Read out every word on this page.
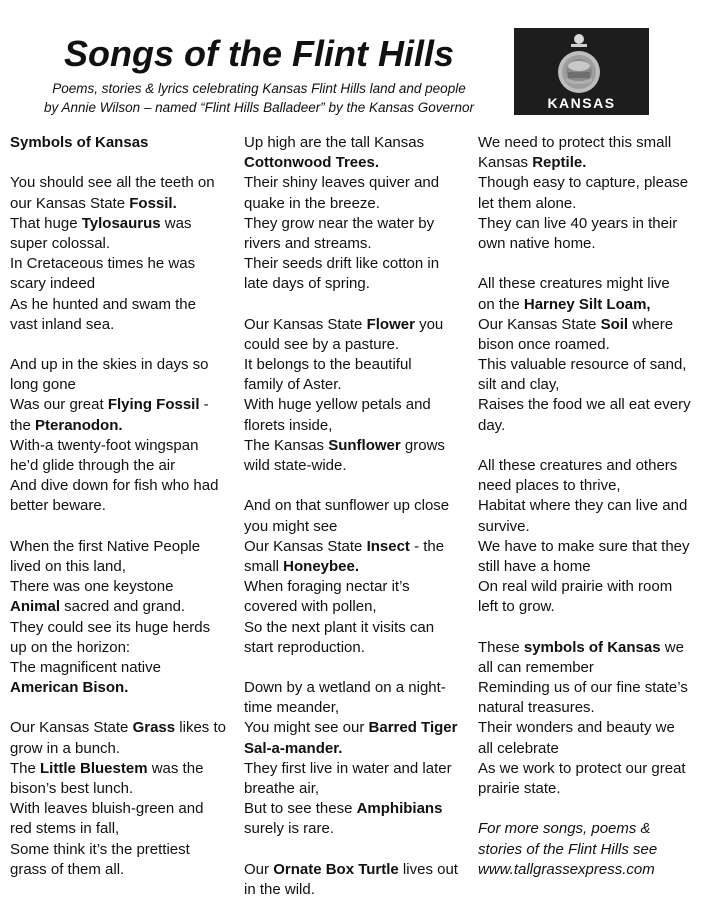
Songs of the Flint Hills
Poems, stories & lyrics celebrating Kansas Flint Hills land and people
by Annie Wilson – named “Flint Hills Balladeer” by the Kansas Governor	KANSAS
Symbols of Kansas
You should see all the teeth on
our Kansas State Fossil.
That huge Tylosaurus was
super colossal.
In Cretaceous times he was
scary indeed
As he hunted and swam the
vast inland sea.
And up in the skies in days so
long gone
Was our great Flying Fossil -
the Pteranodon.
With-a twenty-foot wingspan
he’d glide through the air
And dive down for fish who had
better beware.
When the first Native People
lived on this land,
There was one keystone
Animal sacred and grand.
They could see its huge herds
up on the horizon:
The magnificent native
American Bison.
Our Kansas State Grass likes to
grow in a bunch.
The Little Bluestem was the
bison’s best lunch.
With leaves bluish-green and
red stems in fall,
Some think it’s the prettiest
grass of them all.
Up high are the tall Kansas
Cottonwood Trees.
Their shiny leaves quiver and
quake in the breeze.
They grow near the water by
rivers and streams.
Their seeds drift like cotton in
late days of spring.
Our Kansas State Flower you
could see by a pasture.
It belongs to the beautiful
family of Aster.
With huge yellow petals and
florets inside,
The Kansas Sunflower grows
wild state-wide.
And on that sunflower up close
you might see
Our Kansas State Insect - the
small Honeybee.
When foraging nectar it’s
covered with pollen,
So the next plant it visits can
start reproduction.
Down by a wetland on a night-
time meander,
You might see our Barred Tiger
Sal-a-mander.
They first live in water and later
breathe air,
But to see these Amphibians
surely is rare.
Our Ornate Box Turtle lives out
in the wild.
We need to protect this small
Kansas Reptile.
Though easy to capture, please
let them alone.
They can live 40 years in their
own native home.
All these creatures might live
on the Harney Silt Loam,
Our Kansas State Soil where
bison once roamed.
This valuable resource of sand,
silt and clay,
Raises the food we all eat every
day.
All these creatures and others
need places to thrive,
Habitat where they can live and
survive.
We have to make sure that they
still have a home
On real wild prairie with room
left to grow.
These symbols of Kansas we
all can remember
Reminding us of our fine state’s
natural treasures.
Their wonders and beauty we
all celebrate
As we work to protect our great
prairie state.
For more songs, poems &
stories of the Flint Hills see
www.tallgrassexpress.com
